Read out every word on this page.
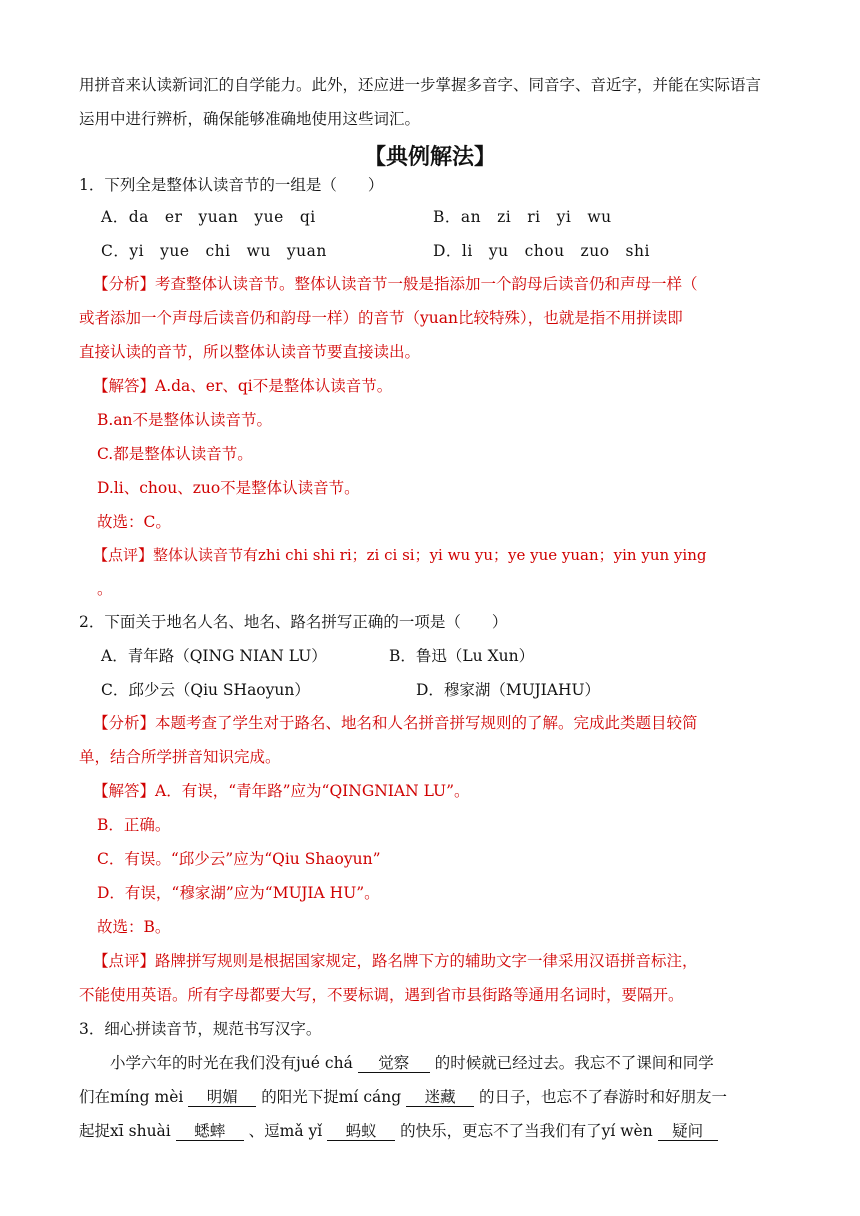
用拼音来认读新词汇的自学能力。此外，还应进一步掌握多音字、同音字、音近字，并能在实际语言
运用中进行辨析，确保能够准确地使用这些词汇。
【典例解法】
1．下列全是整体认读音节的一组是（　　）
A．da　er　yuan　yue　qi	B．an　zi　ri　yi　wu
C．yi　yue　chi　wu　yuan	D．li　yu　chou　zuo　shi
【分析】考查整体认读音节。整体认读音节一般是指添加一个韵母后读音仍和声母一样（
或者添加一个声母后读音仍和韵母一样）的音节（yuan比较特殊），也就是指不用拼读即
直接认读的音节，所以整体认读音节要直接读出。
【解答】A.da、er、qi不是整体认读音节。
B.an不是整体认读音节。
C.都是整体认读音节。
D.li、chou、zuo不是整体认读音节。
故选：C。
【点评】整体认读音节有zhi chi shi ri；zi ci si；yi wu yu；ye yue yuan；yin yun ying
。
2．下面关于地名人名、地名、路名拼写正确的一项是（　　）
A．青年路（QING NIAN LU）	B．鲁迅（Lu Xun）
C．邱少云（Qiu SHaoyun）	D．穆家湖（MUJIAHU）
【分析】本题考查了学生对于路名、地名和人名拼音拼写规则的了解。完成此类题目较简
单，结合所学拼音知识完成。
【解答】A．有误，“青年路”应为“QINGNIAN LU”。
B．正确。
C．有误。“邱少云”应为“Qiu Shaoyun”
D．有误，“穆家湖”应为“MUJIA HU”。
故选：B。
【点评】路牌拼写规则是根据国家规定，路名牌下方的辅助文字一律采用汉语拼音标注，
不能使用英语。所有字母都要大写，不要标调，遇到省市县街路等通用名词时，要隔开。
3．细心拼读音节，规范书写汉字。
小学六年的时光在我们没有jué chá 觉察 的时候就已经过去。我忘不了课间和同学
们在míng mèi 明媚 的阳光下捉mí cáng 迷藏 的日子，也忘不了春游时和好朋友一
起捉xī shuài 蟋蟀 、逗mǎ yǐ 蚂蚁 的快乐，更忘不了当我们有了yí wèn 疑问
